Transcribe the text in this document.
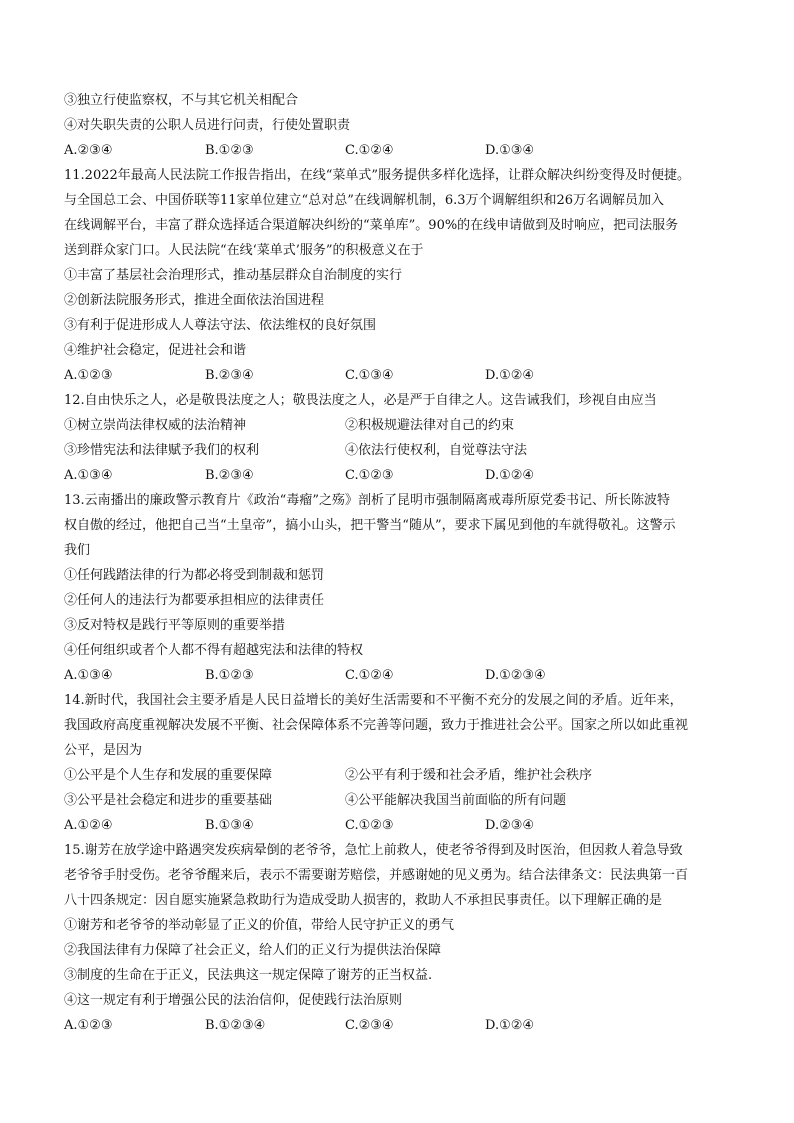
③独立行使监察权，不与其它机关相配合
④对失职失责的公职人员进行问责，行使处置职责
A.②③④	B.①②③	C.①②④	D.①③④
11.2022年最高人民法院工作报告指出，在线“菜单式”服务提供多样化选择，让群众解决纠纷变得及时便捷。
与全国总工会、中国侨联等11家单位建立“总对总”在线调解机制，6.3万个调解组织和26万名调解员加入
在线调解平台，丰富了群众选择适合渠道解决纠纷的“菜单库”。90%的在线申请做到及时响应，把司法服务
送到群众家门口。人民法院“在线‘菜单式’服务”的积极意义在于
①丰富了基层社会治理形式，推动基层群众自治制度的实行
②创新法院服务形式，推进全面依法治国进程
③有利于促进形成人人尊法守法、依法维权的良好氛围
④维护社会稳定，促进社会和谐
A.①②③	B.②③④	C.①③④	D.①②④
12.自由快乐之人，必是敬畏法度之人；敬畏法度之人，必是严于自律之人。这告诫我们，珍视自由应当
①树立崇尚法律权威的法治精神	②积极规避法律对自己的约束
③珍惜宪法和法律赋予我们的权利	④依法行使权利，自觉尊法守法
A.①③④	B.②③④	C.①②③	D.①②④
13.云南播出的廉政警示教育片《政治“毒瘤”之殇》剖析了昆明市强制隔离戒毒所原党委书记、所长陈波特
权自傲的经过，他把自己当“土皇帝”，搞小山头，把干警当“随从”，要求下属见到他的车就得敬礼。这警示
我们
①任何践踏法律的行为都必将受到制裁和惩罚
②任何人的违法行为都要承担相应的法律责任
③反对特权是践行平等原则的重要举措
④任何组织或者个人都不得有超越宪法和法律的特权
A.①③④	B.①②③	C.①②④	D.①②③④
14.新时代，我国社会主要矛盾是人民日益增长的美好生活需要和不平衡不充分的发展之间的矛盾。近年来，
我国政府高度重视解决发展不平衡、社会保障体系不完善等问题，致力于推进社会公平。国家之所以如此重视
公平，是因为
①公平是个人生存和发展的重要保障	②公平有利于缓和社会矛盾，维护社会秩序
③公平是社会稳定和进步的重要基础	④公平能解决我国当前面临的所有问题
A.①②④	B.①③④	C.①②③	D.②③④
15.谢芳在放学途中路遇突发疾病晕倒的老爷爷，急忙上前救人，使老爷爷得到及时医治，但因救人着急导致
老爷爷手肘受伤。老爷爷醒来后，表示不需要谢芳赔偿，并感谢她的见义勇为。结合法律条文：民法典第一百
八十四条规定：因自愿实施紧急救助行为造成受助人损害的，救助人不承担民事责任。以下理解正确的是
①谢芳和老爷爷的举动彰显了正义的价值，带给人民守护正义的勇气
②我国法律有力保障了社会正义，给人们的正义行为提供法治保障
③制度的生命在于正义，民法典这一规定保障了谢芳的正当权益.
④这一规定有利于增强公民的法治信仰，促使践行法治原则
A.①②③	B.①②③④	C.②③④	D.①②④
